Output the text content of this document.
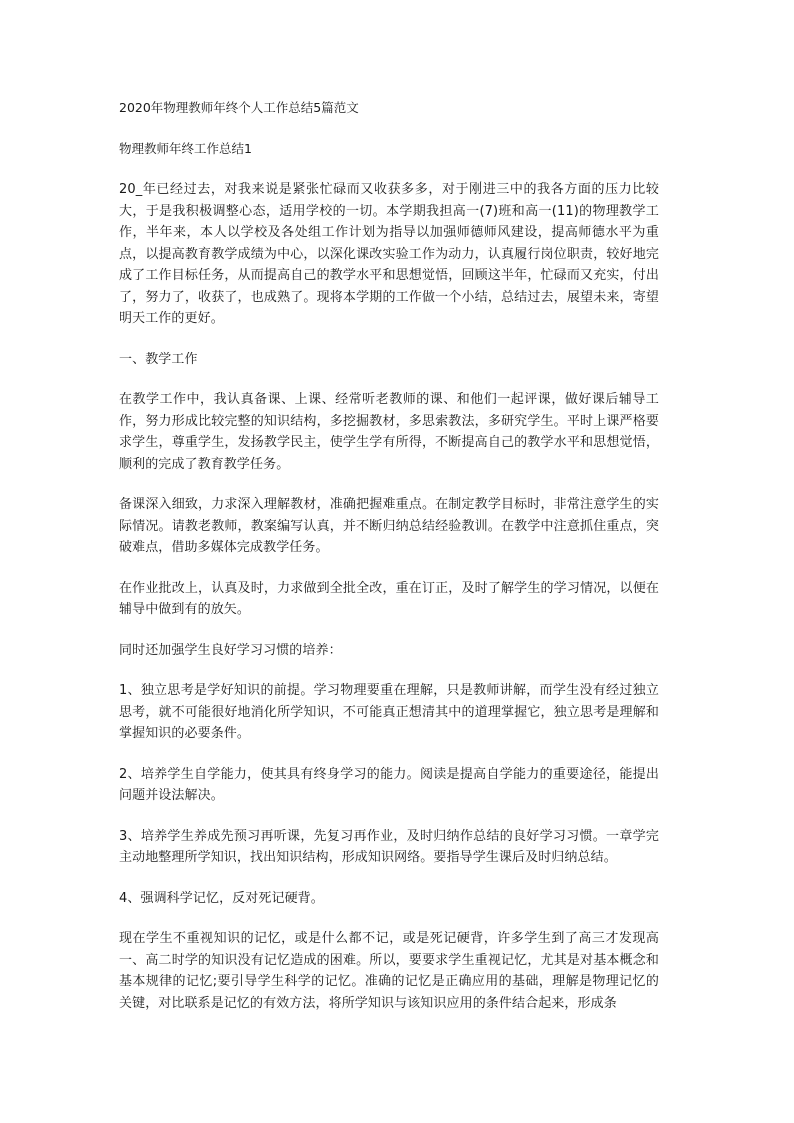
2020年物理教师年终个人工作总结5篇范文
物理教师年终工作总结1

20_年已经过去，对我来说是紧张忙碌而又收获多多，对于刚进三中的我各方面的压力比较大，于是我积极调整心态，适用学校的一切。本学期我担高一(7)班和高一(11)的物理教学工作，半年来，本人以学校及各处组工作计划为指导以加强师德师风建设，提高师德水平为重点，以提高教育教学成绩为中心，以深化课改实验工作为动力，认真履行岗位职责，较好地完成了工作目标任务，从而提高自己的教学水平和思想觉悟，回顾这半年，忙碌而又充实，付出了，努力了，收获了，也成熟了。现将本学期的工作做一个小结，总结过去，展望未来，寄望明天工作的更好。

一、教学工作

在教学工作中，我认真备课、上课、经常听老教师的课、和他们一起评课，做好课后辅导工作，努力形成比较完整的知识结构，多挖掘教材，多思索教法，多研究学生。平时上课严格要求学生，尊重学生，发扬教学民主，使学生学有所得，不断提高自己的教学水平和思想觉悟，顺利的完成了教育教学任务。

备课深入细致，力求深入理解教材，准确把握难重点。在制定教学目标时，非常注意学生的实际情况。请教老教师，教案编写认真，并不断归纳总结经验教训。在教学中注意抓住重点，突破难点，借助多媒体完成教学任务。

在作业批改上，认真及时，力求做到全批全改，重在订正，及时了解学生的学习情况，以便在辅导中做到有的放矢。

同时还加强学生良好学习习惯的培养：

1、独立思考是学好知识的前提。学习物理要重在理解，只是教师讲解，而学生没有经过独立思考，就不可能很好地消化所学知识，不可能真正想清其中的道理掌握它，独立思考是理解和掌握知识的必要条件。

2、培养学生自学能力，使其具有终身学习的能力。阅读是提高自学能力的重要途径，能提出问题并设法解决。

3、培养学生养成先预习再听课，先复习再作业，及时归纳作总结的良好学习习惯。一章学完主动地整理所学知识，找出知识结构，形成知识网络。要指导学生课后及时归纳总结。

4、强调科学记忆，反对死记硬背。

现在学生不重视知识的记忆，或是什么都不记，或是死记硬背，许多学生到了高三才发现高一、高二时学的知识没有记忆造成的困难。所以，要要求学生重视记忆，尤其是对基本概念和基本规律的记忆;要引导学生科学的记忆。准确的记忆是正确应用的基础，理解是物理记忆的关键，对比联系是记忆的有效方法，将所学知识与该知识应用的条件结合起来，形成条
